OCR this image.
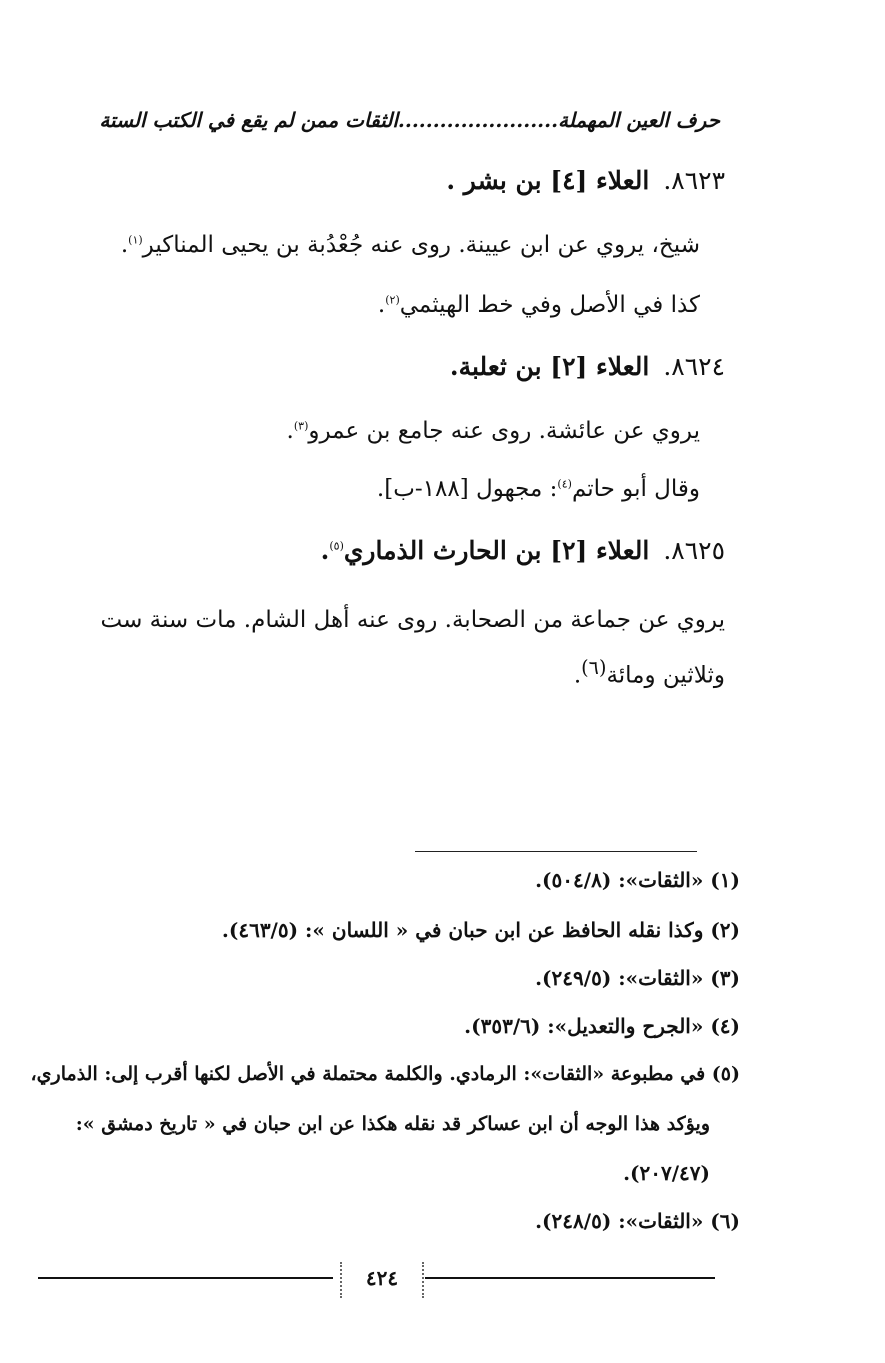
حرف العين المهملة.......................الثقات ممن لم يقع في الكتب الستة
٨٦٢٣.العلاء [٤] بن بشر .
شيخ، يروي عن ابن عيينة. روى عنه جُعْدُبة بن يحيى المناكير$^{(١)}$.
كذا في الأصل وفي خط الهيثمي$^{(٢)}$.
٨٦٢٤.العلاء [٢] بن ثعلبة.
يروي عن عائشة. روى عنه جامع بن عمرو$^{(٣)}$.
وقال أبو حاتم$^{(٤)}$: مجهول [١٨٨-ب].
٨٦٢٥.العلاء [٢] بن الحارث الذماري$^{(٥)}$.
يروي عن جماعة من الصحابة. روى عنه أهل الشام. مات سنة ست وثلاثين ومائة$^{(٦)}$.
(١) «الثقات»: (٥٠٤/٨).
(٢) وكذا نقله الحافظ عن ابن حبان في « اللسان »: (٤٦٣/٥).
(٣) «الثقات»: (٢٤٩/٥).
(٤) «الجرح والتعديل»: (٣٥٣/٦).
(٥) في مطبوعة «الثقات»: الرمادي. والكلمة محتملة في الأصل لكنها أقرب إلى: الذماري،
ويؤكد هذا الوجه أن ابن عساكر قد نقله هكذا عن ابن حبان في « تاريخ دمشق »:
(٢٠٧/٤٧).
(٦) «الثقات»: (٢٤٨/٥).
٤٢٤
